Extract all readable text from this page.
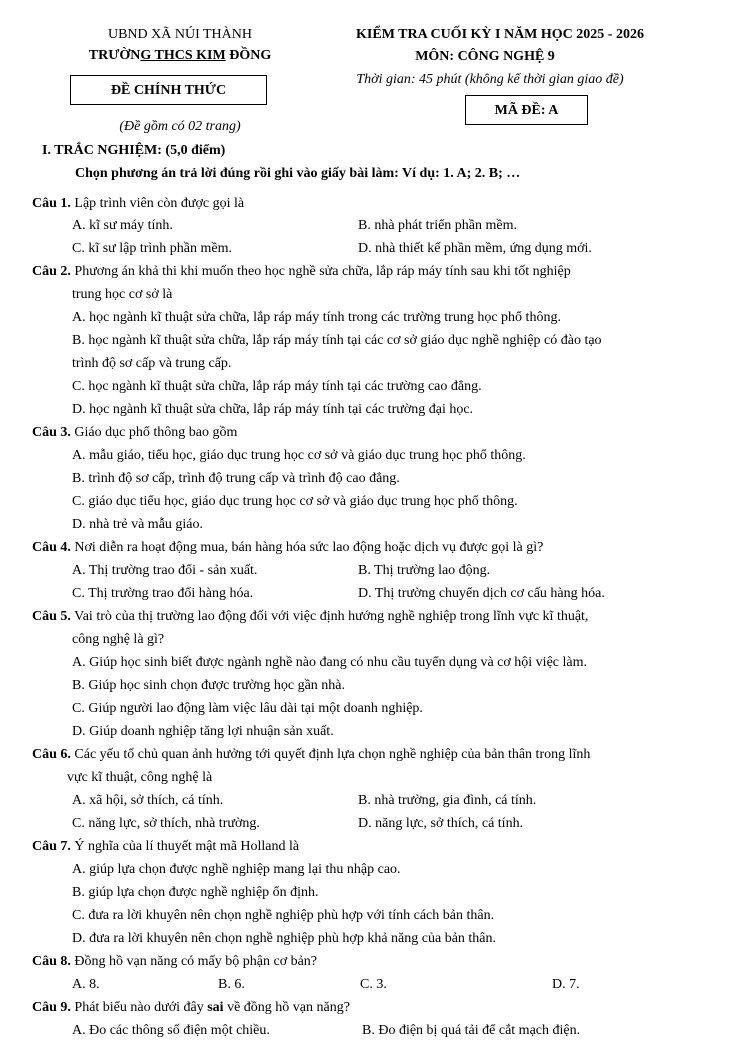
UBND XÃ NÚI THÀNH
TRƯỜNG THCS KIM ĐỒNG
ĐỀ CHÍNH THỨC
(Đề gồm có 02 trang)
KIỂM TRA CUỐI KỲ I NĂM HỌC 2025 - 2026
MÔN: CÔNG NGHỆ 9
Thời gian: 45 phút (không kể thời gian giao đề)
MÃ ĐỀ: A
I. TRẮC NGHIỆM: (5,0 điểm)
Chọn phương án trả lời đúng rồi ghi vào giấy bài làm: Ví dụ: 1. A; 2. B; …
Câu 1. Lập trình viên còn được gọi là
A. kĩ sư máy tính.	B. nhà phát triển phần mềm.
C. kĩ sư lập trình phần mềm.	D. nhà thiết kế phần mềm, ứng dụng mới.
Câu 2. Phương án khả thi khi muốn theo học nghề sửa chữa, lắp ráp máy tính sau khi tốt nghiệp
trung học cơ sở là
A. học ngành kĩ thuật sửa chữa, lắp ráp máy tính trong các trường trung học phổ thông.
B. học ngành kĩ thuật sửa chữa, lắp ráp máy tính tại các cơ sở giáo dục nghề nghiệp có đào tạo
trình độ sơ cấp và trung cấp.
C. học ngành kĩ thuật sửa chữa, lắp ráp máy tính tại các trường cao đẳng.
D. học ngành kĩ thuật sửa chữa, lắp ráp máy tính tại các trường đại học.
Câu 3. Giáo dục phổ thông bao gồm
A. mẫu giáo, tiểu học, giáo dục trung học cơ sở và giáo dục trung học phổ thông.
B. trình độ sơ cấp, trình độ trung cấp và trình độ cao đẳng.
C. giáo dục tiểu học, giáo dục trung học cơ sở và giáo dục trung học phổ thông.
D. nhà trẻ và mẫu giáo.
Câu 4. Nơi diễn ra hoạt động mua, bán hàng hóa sức lao động hoặc dịch vụ được gọi là gì?
A. Thị trường trao đổi - sản xuất.	B. Thị trường lao động.
C. Thị trường trao đổi hàng hóa.	D. Thị trường chuyển dịch cơ cấu hàng hóa.
Câu 5. Vai trò của thị trường lao động đối với việc định hướng nghề nghiệp trong lĩnh vực kĩ thuật,
công nghệ là gì?
A. Giúp học sinh biết được ngành nghề nào đang có nhu cầu tuyển dụng và cơ hội việc làm.
B. Giúp học sinh chọn được trường học gần nhà.
C. Giúp người lao động làm việc lâu dài tại một doanh nghiệp.
D. Giúp doanh nghiệp tăng lợi nhuận sản xuất.
Câu 6. Các yếu tố chủ quan ảnh hưởng tới quyết định lựa chọn nghề nghiệp của bản thân trong lĩnh
vực kĩ thuật, công nghệ là
A. xã hội, sở thích, cá tính.	B. nhà trường, gia đình, cá tính.
C. năng lực, sở thích, nhà trường.	D. năng lực, sở thích, cá tính.
Câu 7. Ý nghĩa của lí thuyết mật mã Holland là
A. giúp lựa chọn được nghề nghiệp mang lại thu nhập cao.
B. giúp lựa chọn được nghề nghiệp ổn định.
C. đưa ra lời khuyên nên chọn nghề nghiệp phù hợp với tính cách bản thân.
D. đưa ra lời khuyên nên chọn nghề nghiệp phù hợp khả năng của bản thân.
Câu 8. Đồng hồ vạn năng có mấy bộ phận cơ bản?
A. 8.	B. 6.	C. 3.	D. 7.
Câu 9. Phát biểu nào dưới đây sai về đồng hồ vạn năng?
A. Đo các thông số điện một chiều.	B. Đo điện bị quá tải để cắt mạch điện.
